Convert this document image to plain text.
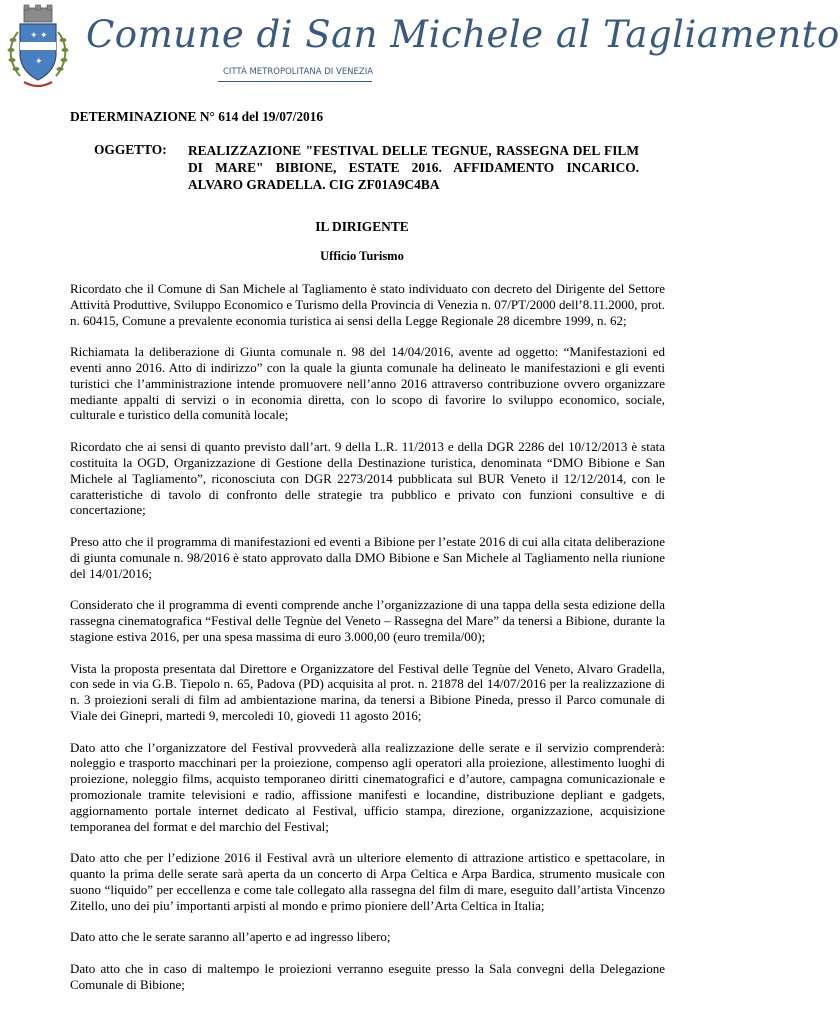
✦ ✦
✦
Comune di San Michele al Tagliamento
CITTÀ METROPOLITANA DI VENEZIA
DETERMINAZIONE N° 614 del 19/07/2016
OGGETTO: REALIZZAZIONE "FESTIVAL DELLE TEGNUE, RASSEGNA DEL FILM DI MARE" BIBIONE, ESTATE 2016. AFFIDAMENTO INCARICO. ALVARO GRADELLA. CIG ZF01A9C4BA
IL DIRIGENTE
Ufficio Turismo

Ricordato che il Comune di San Michele al Tagliamento è stato individuato con decreto del Dirigente del Settore Attività Produttive, Sviluppo Economico e Turismo della Provincia di Venezia n. 07/PT/2000 dell’8.11.2000, prot. n. 60415, Comune a prevalente economia turistica ai sensi della Legge Regionale 28 dicembre 1999, n. 62;

Richiamata la deliberazione di Giunta comunale n. 98 del 14/04/2016, avente ad oggetto: “Manifestazioni ed eventi anno 2016. Atto di indirizzo” con la quale la giunta comunale ha delineato le manifestazioni e gli eventi turistici che l’amministrazione intende promuovere nell’anno 2016 attraverso contribuzione ovvero organizzare mediante appalti di servizi o in economia diretta, con lo scopo di favorire lo sviluppo economico, sociale, culturale e turistico della comunità locale;

Ricordato che ai sensi di quanto previsto dall’art. 9 della L.R. 11/2013 e della DGR 2286 del 10/12/2013 è stata costituita la OGD, Organizzazione di Gestione della Destinazione turistica, denominata “DMO Bibione e San Michele al Tagliamento”, riconosciuta con DGR 2273/2014 pubblicata sul BUR Veneto il 12/12/2014, con le caratteristiche di tavolo di confronto delle strategie tra pubblico e privato con funzioni consultive e di concertazione;

Preso atto che il programma di manifestazioni ed eventi a Bibione per l’estate 2016 di cui alla citata deliberazione di giunta comunale n. 98/2016 è stato approvato dalla DMO Bibione e San Michele al Tagliamento nella riunione del 14/01/2016;

Considerato che il programma di eventi comprende anche l’organizzazione di una tappa della sesta edizione della rassegna cinematografica “Festival delle Tegnùe del Veneto – Rassegna del Mare” da tenersi a Bibione, durante la stagione estiva 2016, per una spesa massima di euro 3.000,00 (euro tremila/00);

Vista la proposta presentata dal Direttore e Organizzatore del Festival delle Tegnùe del Veneto, Alvaro Gradella, con sede in via G.B. Tiepolo n. 65, Padova (PD) acquisita al prot. n. 21878 del 14/07/2016 per la realizzazione di n. 3 proiezioni serali di film ad ambientazione marina, da tenersi a Bibione Pineda, presso il Parco comunale di Viale dei Ginepri, martedi 9, mercoledi 10, giovedi 11 agosto 2016;

Dato atto che l’organizzatore del Festival provvederà alla realizzazione delle serate e il servizio comprenderà: noleggio e trasporto macchinari per la proiezione, compenso agli operatori alla proiezione, allestimento luoghi di proiezione, noleggio films, acquisto temporaneo diritti cinematografici e d’autore, campagna comunicazionale e promozionale tramite televisioni e radio, affissione manifesti e locandine, distribuzione depliant e gadgets, aggiornamento portale internet dedicato al Festival, ufficio stampa, direzione, organizzazione, acquisizione temporanea del format e del marchio del Festival;

Dato atto che per l’edizione 2016 il Festival avrà un ulteriore elemento di attrazione artistico e spettacolare, in quanto la prima delle serate sarà aperta da un concerto di Arpa Celtica e Arpa Bardica, strumento musicale con suono “liquido” per eccellenza e come tale collegato alla rassegna del film di mare, eseguito dall’artista Vincenzo Zitello, uno dei piu’ importanti arpisti al mondo e primo pioniere dell’Arta Celtica in Italia;

Dato atto che le serate saranno all’aperto e ad ingresso libero;

Dato atto che in caso di maltempo le proiezioni verranno eseguite presso la Sala convegni della Delegazione Comunale di Bibione;
